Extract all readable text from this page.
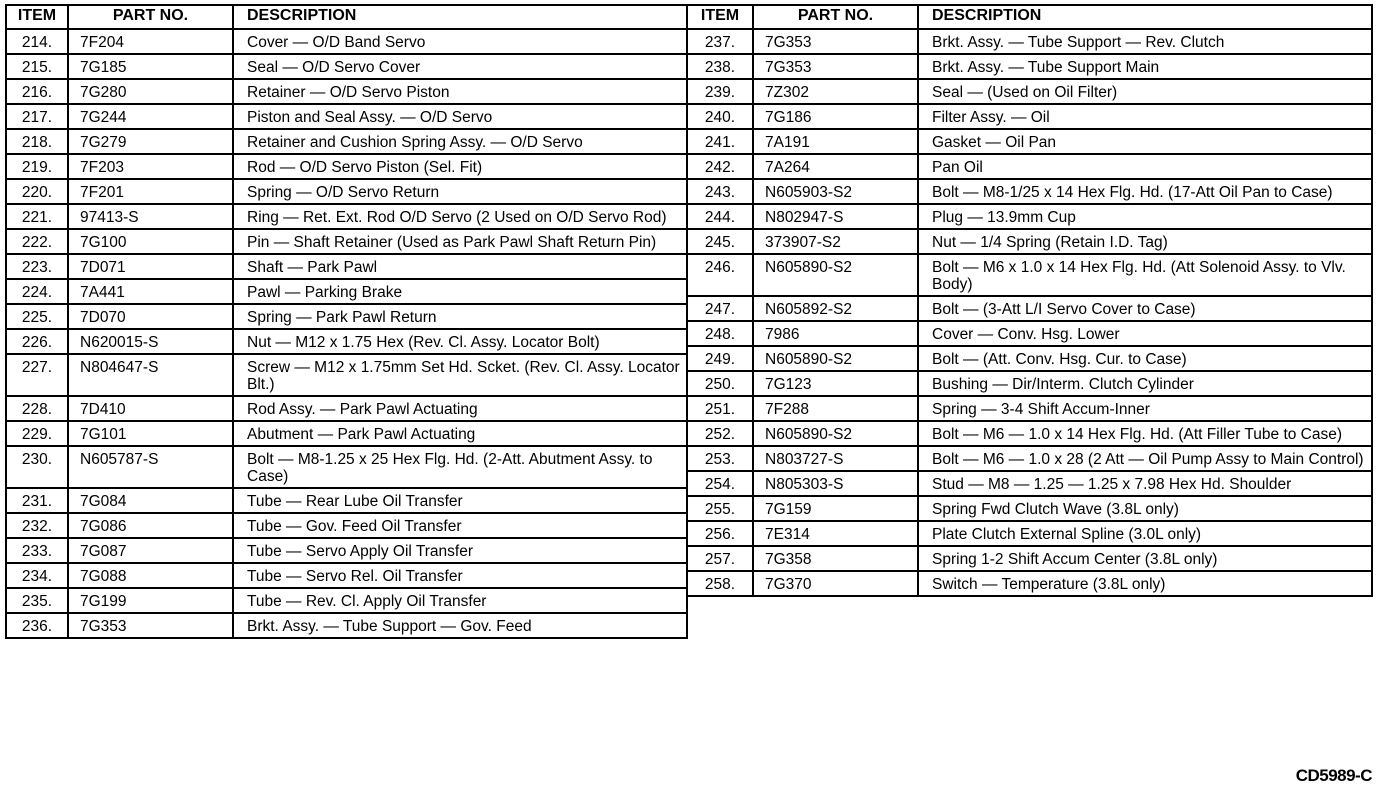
ITEM	PART NO.	DESCRIPTION
214.	7F204	Cover — O/D Band Servo
215.	7G185	Seal — O/D Servo Cover
216.	7G280	Retainer — O/D Servo Piston
217.	7G244	Piston and Seal Assy. — O/D Servo
218.	7G279	Retainer and Cushion Spring Assy. — O/D Servo
219.	7F203	Rod — O/D Servo Piston (Sel. Fit)
220.	7F201	Spring — O/D Servo Return
221.	97413-S	Ring — Ret. Ext. Rod O/D Servo (2 Used on O/D Servo Rod)
222.	7G100	Pin — Shaft Retainer (Used as Park Pawl Shaft Return Pin)
223.	7D071	Shaft — Park Pawl
224.	7A441	Pawl — Parking Brake
225.	7D070	Spring — Park Pawl Return
226.	N620015-S	Nut — M12 x 1.75 Hex (Rev. Cl. Assy. Locator Bolt)
227.	N804647-S	Screw — M12 x 1.75mm Set Hd. Scket. (Rev. Cl. Assy. Locator Blt.)
228.	7D410	Rod Assy. — Park Pawl Actuating
229.	7G101	Abutment — Park Pawl Actuating
230.	N605787-S	Bolt — M8-1.25 x 25 Hex Flg. Hd. (2-Att. Abutment Assy. to Case)
231.	7G084	Tube — Rear Lube Oil Transfer
232.	7G086	Tube — Gov. Feed Oil Transfer
233.	7G087	Tube — Servo Apply Oil Transfer
234.	7G088	Tube — Servo Rel. Oil Transfer
235.	7G199	Tube — Rev. Cl. Apply Oil Transfer
236.	7G353	Brkt. Assy. — Tube Support — Gov. Feed
ITEM	PART NO.	DESCRIPTION
237.	7G353	Brkt. Assy. — Tube Support — Rev. Clutch
238.	7G353	Brkt. Assy. — Tube Support Main
239.	7Z302	Seal — (Used on Oil Filter)
240.	7G186	Filter Assy. — Oil
241.	7A191	Gasket — Oil Pan
242.	7A264	Pan Oil
243.	N605903-S2	Bolt — M8-1/25 x 14 Hex Flg. Hd. (17-Att Oil Pan to Case)
244.	N802947-S	Plug — 13.9mm Cup
245.	373907-S2	Nut — 1/4 Spring (Retain I.D. Tag)
246.	N605890-S2	Bolt — M6 x 1.0 x 14 Hex Flg. Hd. (Att Solenoid Assy. to Vlv. Body)
247.	N605892-S2	Bolt — (3-Att L/I Servo Cover to Case)
248.	7986	Cover — Conv. Hsg. Lower
249.	N605890-S2	Bolt — (Att. Conv. Hsg. Cur. to Case)
250.	7G123	Bushing — Dir/Interm. Clutch Cylinder
251.	7F288	Spring — 3-4 Shift Accum-Inner
252.	N605890-S2	Bolt — M6 — 1.0 x 14 Hex Flg. Hd. (Att Filler Tube to Case)
253.	N803727-S	Bolt — M6 — 1.0 x 28 (2 Att — Oil Pump Assy to Main Control)
254.	N805303-S	Stud — M8 — 1.25 — 1.25 x 7.98 Hex Hd. Shoulder
255.	7G159	Spring Fwd Clutch Wave (3.8L only)
256.	7E314	Plate Clutch External Spline (3.0L only)
257.	7G358	Spring 1-2 Shift Accum Center (3.8L only)
258.	7G370	Switch — Temperature (3.8L only)
CD5989-C
